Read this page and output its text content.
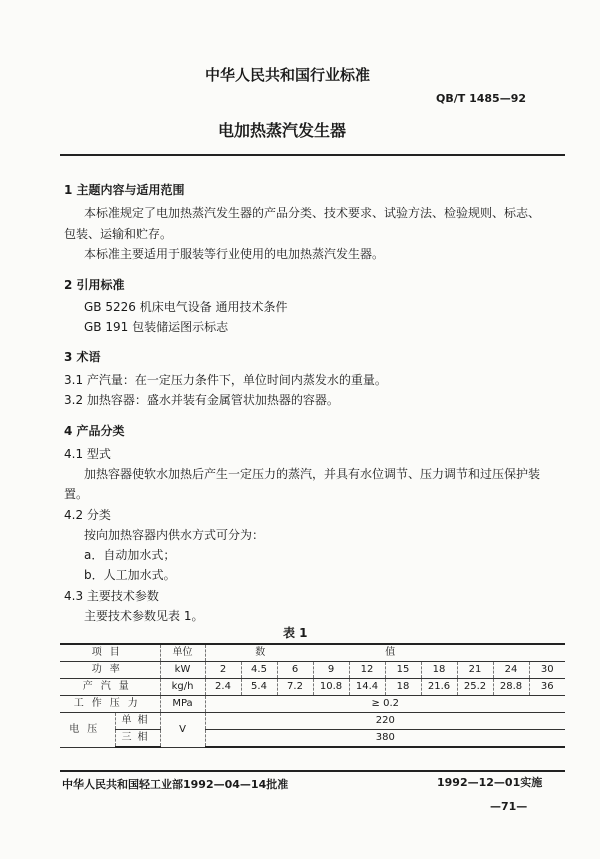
中华人民共和国行业标准
QB/T 1485—92
电加热蒸汽发生器
1 主题内容与适用范围
本标准规定了电加热蒸汽发生器的产品分类、技术要求、试验方法、检验规则、标志、
包装、运输和贮存。
本标准主要适用于服装等行业使用的电加热蒸汽发生器。
2 引用标准
GB 5226 机床电气设备 通用技术条件
GB 191 包装储运图示标志
3 术语
3.1 产汽量：在一定压力条件下，单位时间内蒸发水的重量。
3.2 加热容器：盛水并装有金属管状加热器的容器。
4 产品分类
4.1 型式
加热容器使软水加热后产生一定压力的蒸汽，并具有水位调节、压力调节和过压保护装
置。
4.2 分类
按向加热容器内供水方式可分为：
a．自动加水式；
b．人工加水式。
4.3 主要技术参数
主要技术参数见表 1。
表 1
项目		单位	数值									
功率		kW	2	4.5	6	9	12	15	18	21	24	30
产汽量		kg/h	2.4	5.4	7.2	10.8	14.4	18	21.6	25.2	28.8	36
工作压力		MPa	≥ 0.2									
电压	单相	V	220									
	三相		380									
中华人民共和国轻工业部1992—04—14批准	1992—12—01实施
—71—
